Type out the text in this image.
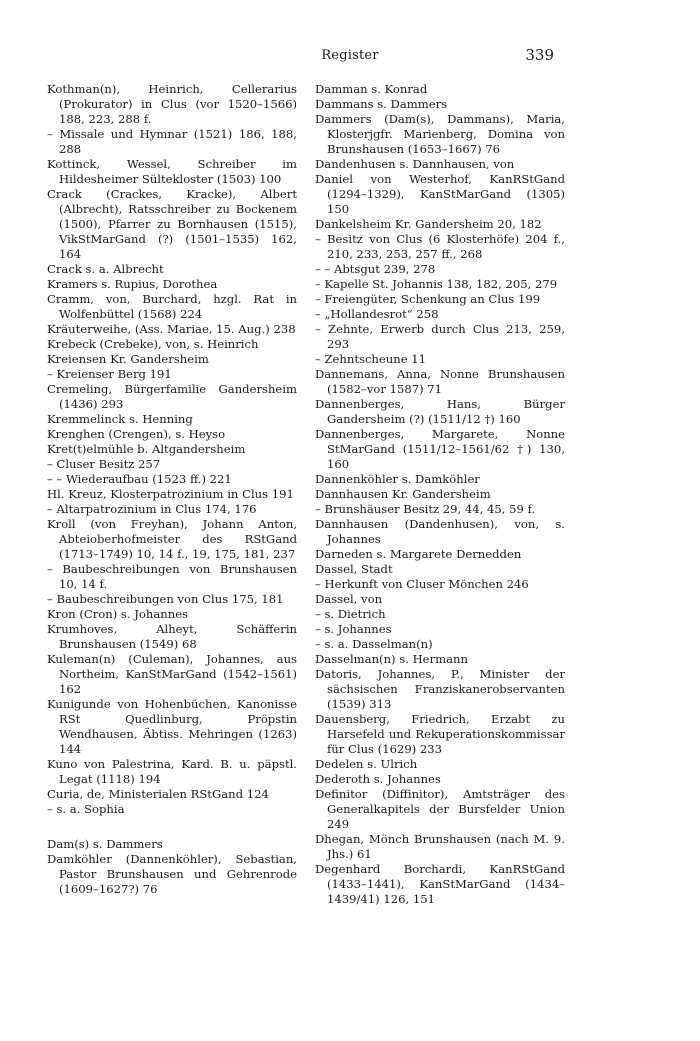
Register	339

Kothman(n), Heinrich, Cellerarius (Prokurator) in Clus (vor 1520–1566) 188, 223, 288 f.

– Missale und Hymnar (1521) 186, 188, 288

Kottinck, Wessel, Schreiber im Hildesheimer Sültekloster (1503) 100

Crack (Crackes, Kracke), Albert (Albrecht), Ratsschreiber zu Bockenem (1500), Pfarrer zu Bornhausen (1515), VikStMarGand (?) (1501–1535) 162, 164

Crack s. a. Albrecht

Kramers s. Rupius, Dorothea

Cramm, von, Burchard, hzgl. Rat in Wolfenbüttel (1568) 224

Kräuterweihe, (Ass. Mariae, 15. Aug.) 238

Krebeck (Crebeke), von, s. Heinrich

Kreiensen Kr. Gandersheim

– Kreienser Berg 191

Cremeling, Bürgerfamilie Gandersheim (1436) 293

Kremmelinck s. Henning

Krenghen (Crengen), s. Heyso

Kret(t)elmühle b. Altgandersheim

– Cluser Besitz 257

– – Wiederaufbau (1523 ff.) 221

Hl. Kreuz, Klosterpatrozinium in Clus 191

– Altarpatrozinium in Clus 174, 176

Kroll (von Freyhan), Johann Anton, Abteioberhofmeister des RStGand (1713–1749) 10, 14 f., 19, 175, 181, 237

– Baubeschreibungen von Brunshausen 10, 14 f.

– Baubeschreibungen von Clus 175, 181

Kron (Cron) s. Johannes

Krumhoves, Alheyt, Schäfferin Brunshausen (1549) 68

Kuleman(n) (Culeman), Johannes, aus Northeim, KanStMarGand (1542–1561) 162

Kunigunde von Hohenbüchen, Kanonisse RSt Quedlinburg, Pröpstin Wendhausen, Äbtiss. Mehringen (1263) 144

Kuno von Palestrina, Kard. B. u. päpstl. Legat (1118) 194

Curia, de, Ministerialen RStGand 124

– s. a. Sophia

Dam(s) s. Dammers

Damköhler (Dannenköhler), Sebastian, Pastor Brunshausen und Gehrenrode (1609–1627?) 76

Damman s. Konrad

Dammans s. Dammers

Dammers (Dam(s), Dammans), Maria, Klosterjgfr. Marienberg, Domina von Brunshausen (1653–1667) 76

Dandenhusen s. Dannhausen, von

Daniel von Westerhof, KanRStGand (1294–1329), KanStMarGand (1305) 150

Dankelsheim Kr. Gandersheim 20, 182

– Besitz von Clus (6 Klosterhöfe) 204 f., 210, 233, 253, 257 ff., 268

– – Abtsgut 239, 278

– Kapelle St. Johannis 138, 182, 205, 279

– Freiengüter, Schenkung an Clus 199

– „Hollandesrot“ 258

– Zehnte, Erwerb durch Clus 213, 259, 293

– Zehntscheune 11

Dannemans, Anna, Nonne Brunshausen (1582–vor 1587) 71

Dannenberges, Hans, Bürger Gandersheim (?) (1511/12 †) 160

Dannenberges, Margarete, Nonne StMarGand (1511/12–1561/62 †) 130, 160

Dannenköhler s. Damköhler

Dannhausen Kr. Gandersheim

– Brunshäuser Besitz 29, 44, 45, 59 f.

Dannhausen (Dandenhusen), von, s. Johannes

Darneden s. Margarete Dernedden

Dassel, Stadt

– Herkunft von Cluser Mönchen 246

Dassel, von

– s. Dietrich

– s. Johannes

– s. a. Dasselman(n)

Dasselman(n) s. Hermann

Datoris, Johannes, P., Minister der sächsischen Franziskanerobservanten (1539) 313

Dauensberg, Friedrich, Erzabt zu Harsefeld und Rekuperationskommissar für Clus (1629) 233

Dedelen s. Ulrich

Dederoth s. Johannes

Definitor (Diffinitor), Amtsträger des Generalkapitels der Bursfelder Union 249

Dhegan, Mönch Brunshausen (nach M. 9. Jhs.) 61

Degenhard Borchardi, KanRStGand (1433–1441), KanStMarGand (1434–1439/41) 126, 151
